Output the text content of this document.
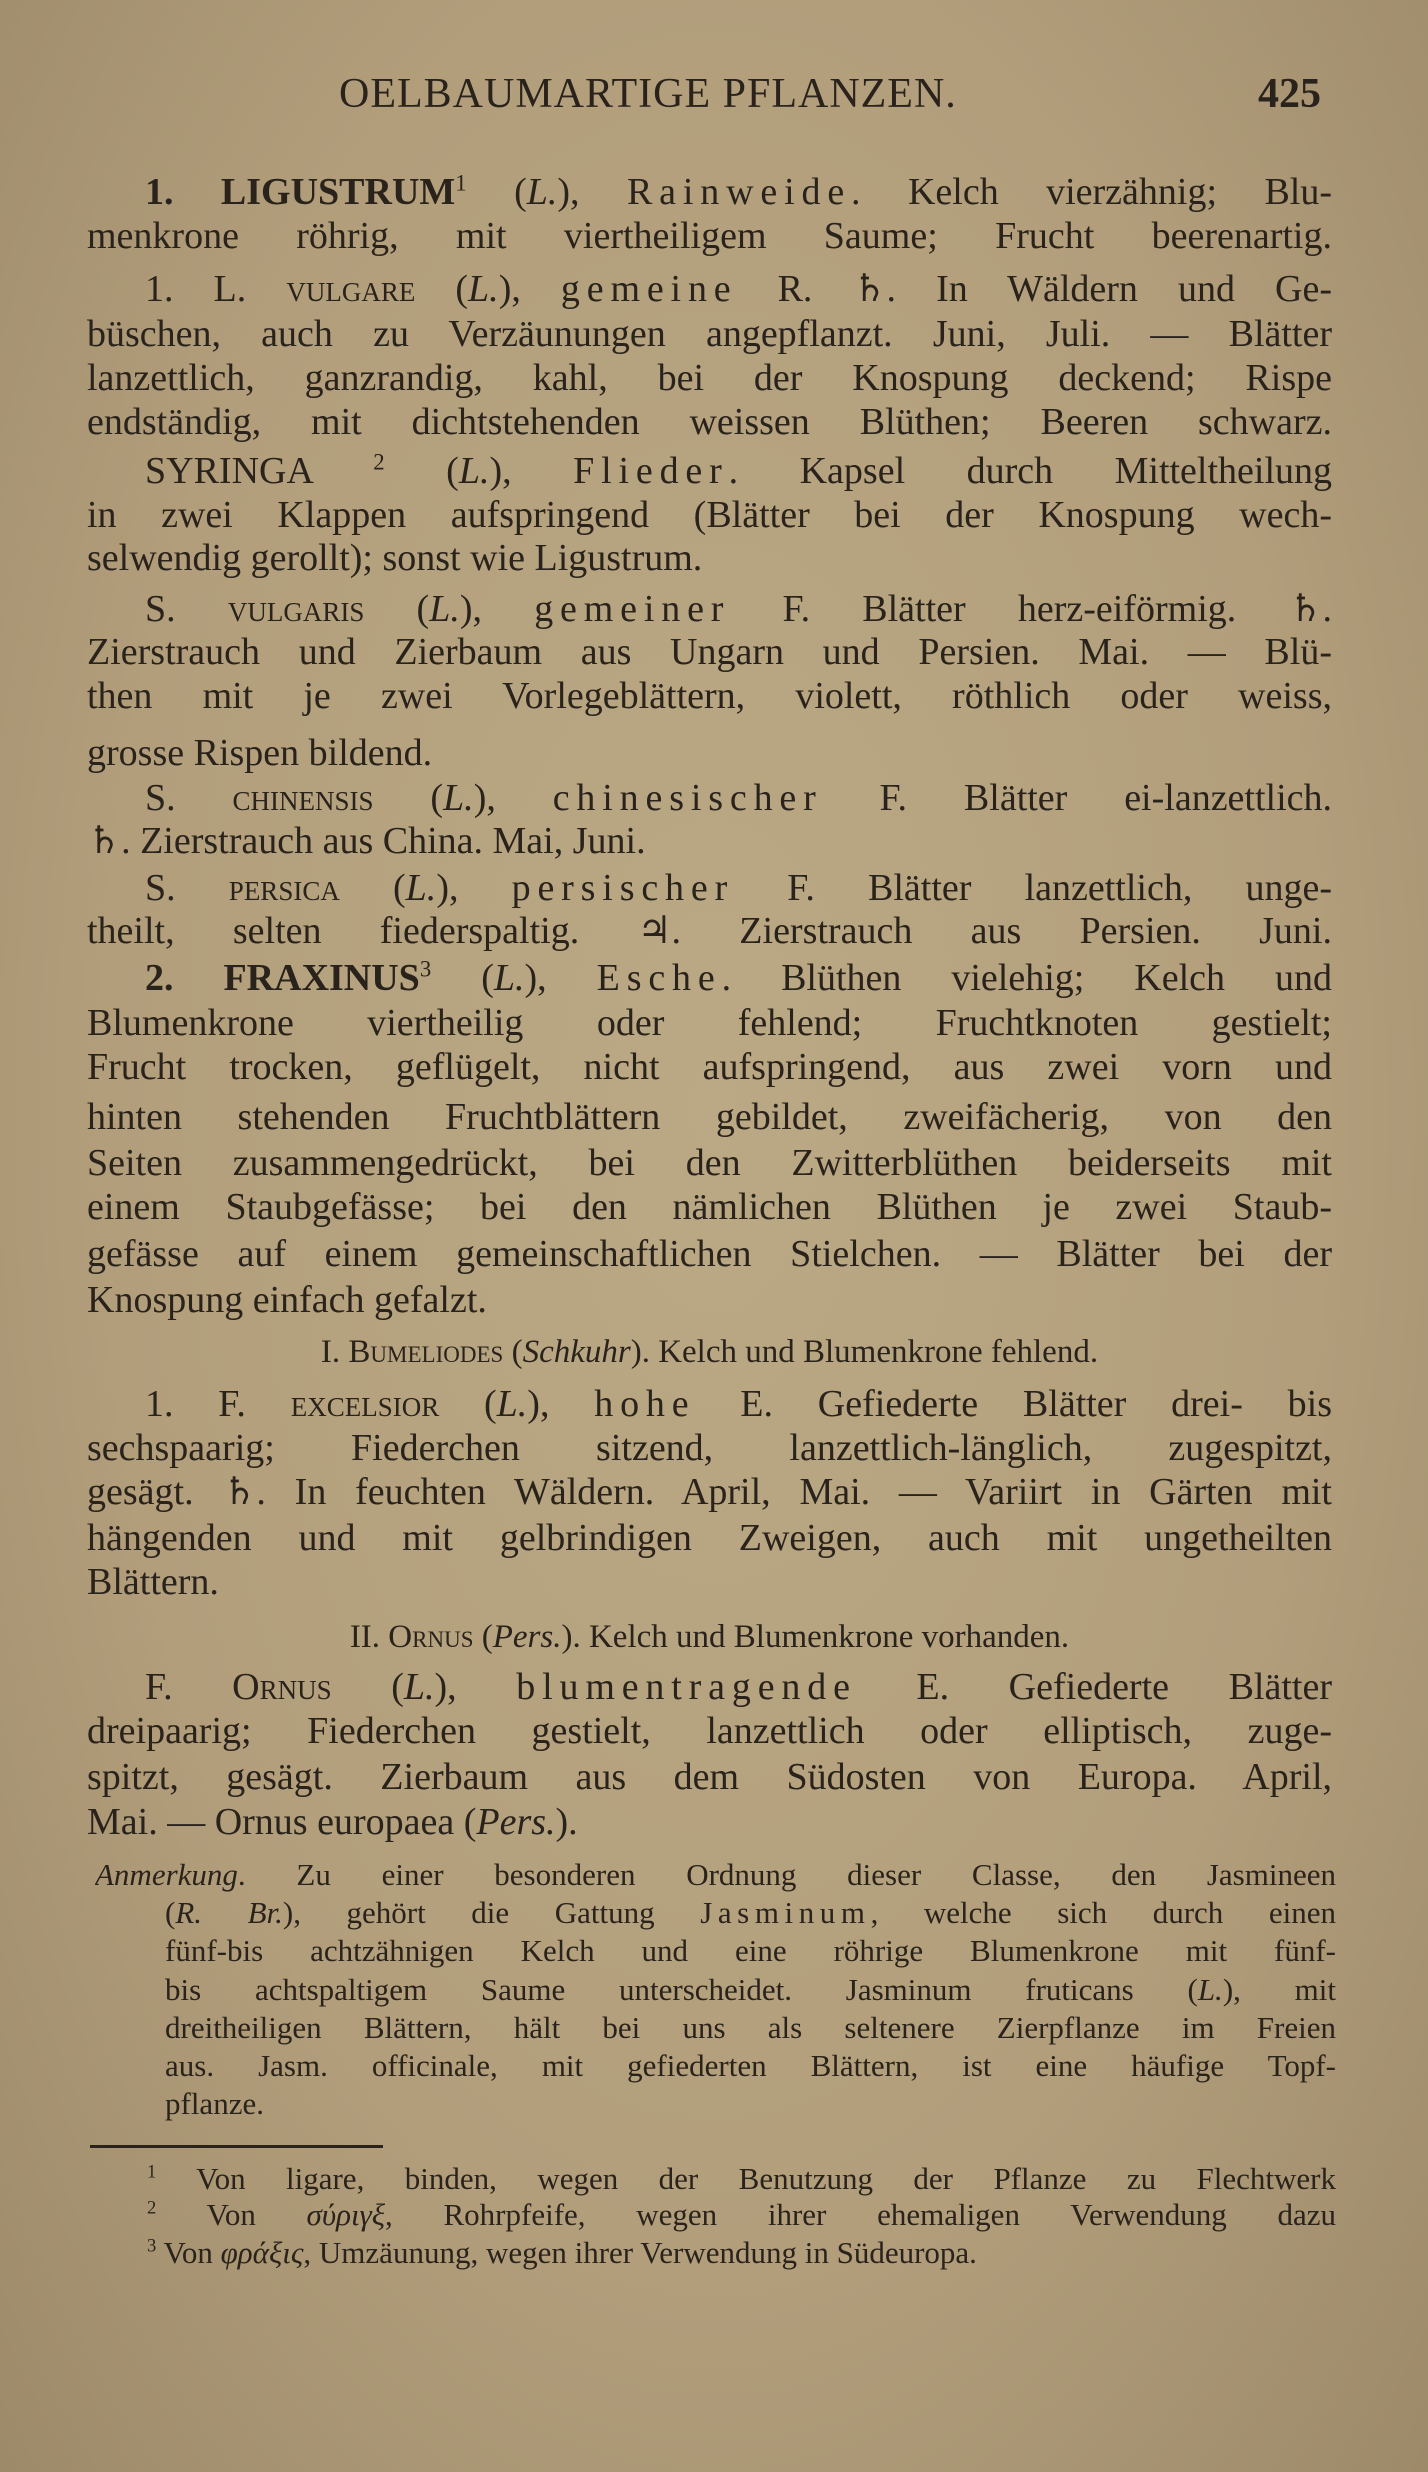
OELBAUMARTIGE PFLANZEN.	425
1. LIGUSTRUM$^1$ (L.), Rainweide. Kelch vierzähnig; Blu-
menkrone röhrig, mit viertheiligem Saume; Frucht beerenartig.
1. L. vulgare (L.), gemeine R. ♄. In Wäldern und Ge-
büschen, auch zu Verzäunungen angepflanzt. Juni, Juli. — Blätter
lanzettlich, ganzrandig, kahl, bei der Knospung deckend; Rispe
endständig, mit dichtstehenden weissen Blüthen; Beeren schwarz.
SYRINGA $^2$ (L.), Flieder. Kapsel durch Mitteltheilung
in zwei Klappen aufspringend (Blätter bei der Knospung wech-
selwendig gerollt); sonst wie Ligustrum.
S. vulgaris (L.), gemeiner F. Blätter herz-eiförmig. ♄.
Zierstrauch und Zierbaum aus Ungarn und Persien. Mai. — Blü-
then mit je zwei Vorlegeblättern, violett, röthlich oder weiss,
grosse Rispen bildend.
S. chinensis (L.), chinesischer F. Blätter ei-lanzettlich.
♄. Zierstrauch aus China. Mai, Juni.
S. persica (L.), persischer F. Blätter lanzettlich, unge-
theilt, selten fiederspaltig. ♃. Zierstrauch aus Persien. Juni.
2. FRAXINUS$^3$ (L.), Esche. Blüthen vielehig; Kelch und
Blumenkrone viertheilig oder fehlend; Fruchtknoten gestielt;
Frucht trocken, geflügelt, nicht aufspringend, aus zwei vorn und
hinten stehenden Fruchtblättern gebildet, zweifächerig, von den
Seiten zusammengedrückt, bei den Zwitterblüthen beiderseits mit
einem Staubgefässe; bei den nämlichen Blüthen je zwei Staub-
gefässe auf einem gemeinschaftlichen Stielchen. — Blätter bei der
Knospung einfach gefalzt.
I. Bumeliodes (Schkuhr). Kelch und Blumenkrone fehlend.
1. F. excelsior (L.), hohe E. Gefiederte Blätter drei- bis
sechspaarig; Fiederchen sitzend, lanzettlich-länglich, zugespitzt,
gesägt. ♄. In feuchten Wäldern. April, Mai. — Variirt in Gärten mit
hängenden und mit gelbrindigen Zweigen, auch mit ungetheilten
Blättern.
II. Ornus (Pers.). Kelch und Blumenkrone vorhanden.
F. Ornus (L.), blumentragende E. Gefiederte Blätter
dreipaarig; Fiederchen gestielt, lanzettlich oder elliptisch, zuge-
spitzt, gesägt. Zierbaum aus dem Südosten von Europa. April,
Mai. — Ornus europaea (Pers.).
Anmerkung. Zu einer besonderen Ordnung dieser Classe, den Jasmineen
(R. Br.), gehört die Gattung Jasminum, welche sich durch einen
fünf-bis achtzähnigen Kelch und eine röhrige Blumenkrone mit fünf-
bis achtspaltigem Saume unterscheidet. Jasminum fruticans (L.), mit
dreitheiligen Blättern, hält bei uns als seltenere Zierpflanze im Freien
aus. Jasm. officinale, mit gefiederten Blättern, ist eine häufige Topf-
pflanze.
$^1$ Von ligare, binden, wegen der Benutzung der Pflanze zu Flechtwerk
$^2$ Von σύριγξ, Rohrpfeife, wegen ihrer ehemaligen Verwendung dazu
$^3$ Von φράξις, Umzäunung, wegen ihrer Verwendung in Südeuropa.
